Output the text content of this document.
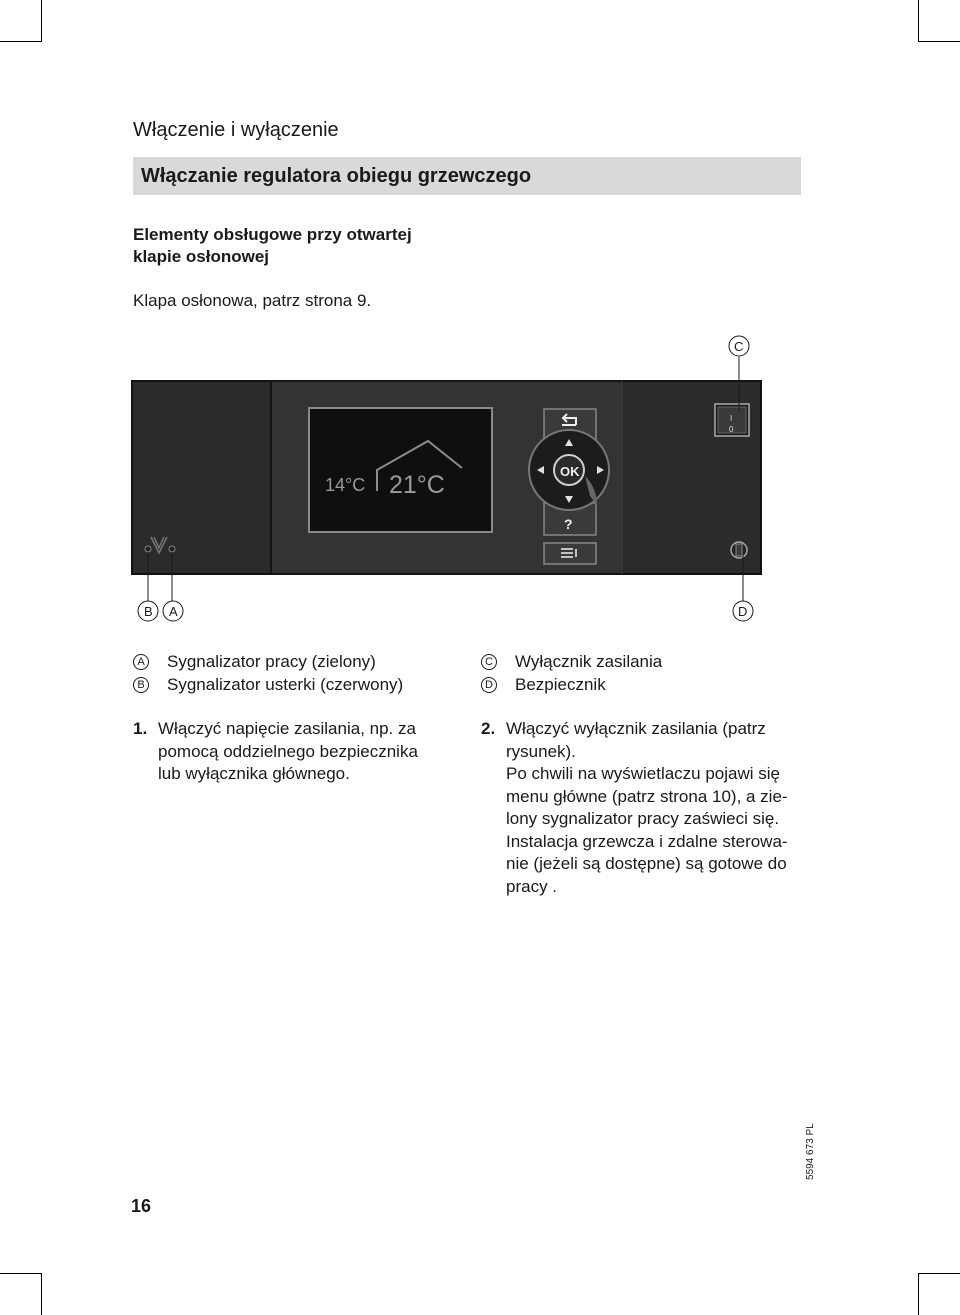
Włączenie i wyłączenie
Włączanie regulatora obiegu grzewczego
Elementy obsługowe przy otwartej
klapie osłonowej
Klapa osłonowa, patrz strona 9.
14°C 21°C
?
OK
I
0
C
B A	D
A Sygnalizator pracy (zielony)
B Sygnalizator usterki (czerwony)
C Wyłącznik zasilania
D Bezpiecznik
1. Włączyć napięcie zasilania, np. za
pomocą oddzielnego bezpiecznika
lub wyłącznika głównego.
2. Włączyć wyłącznik zasilania (patrz
rysunek).
Po chwili na wyświetlaczu pojawi się
menu główne (patrz strona 10), a zie-
lony sygnalizator pracy zaświeci się.
Instalacja grzewcza i zdalne sterowa-
nie (jeżeli są dostępne) są gotowe do
pracy .
5594 673 PL
16
